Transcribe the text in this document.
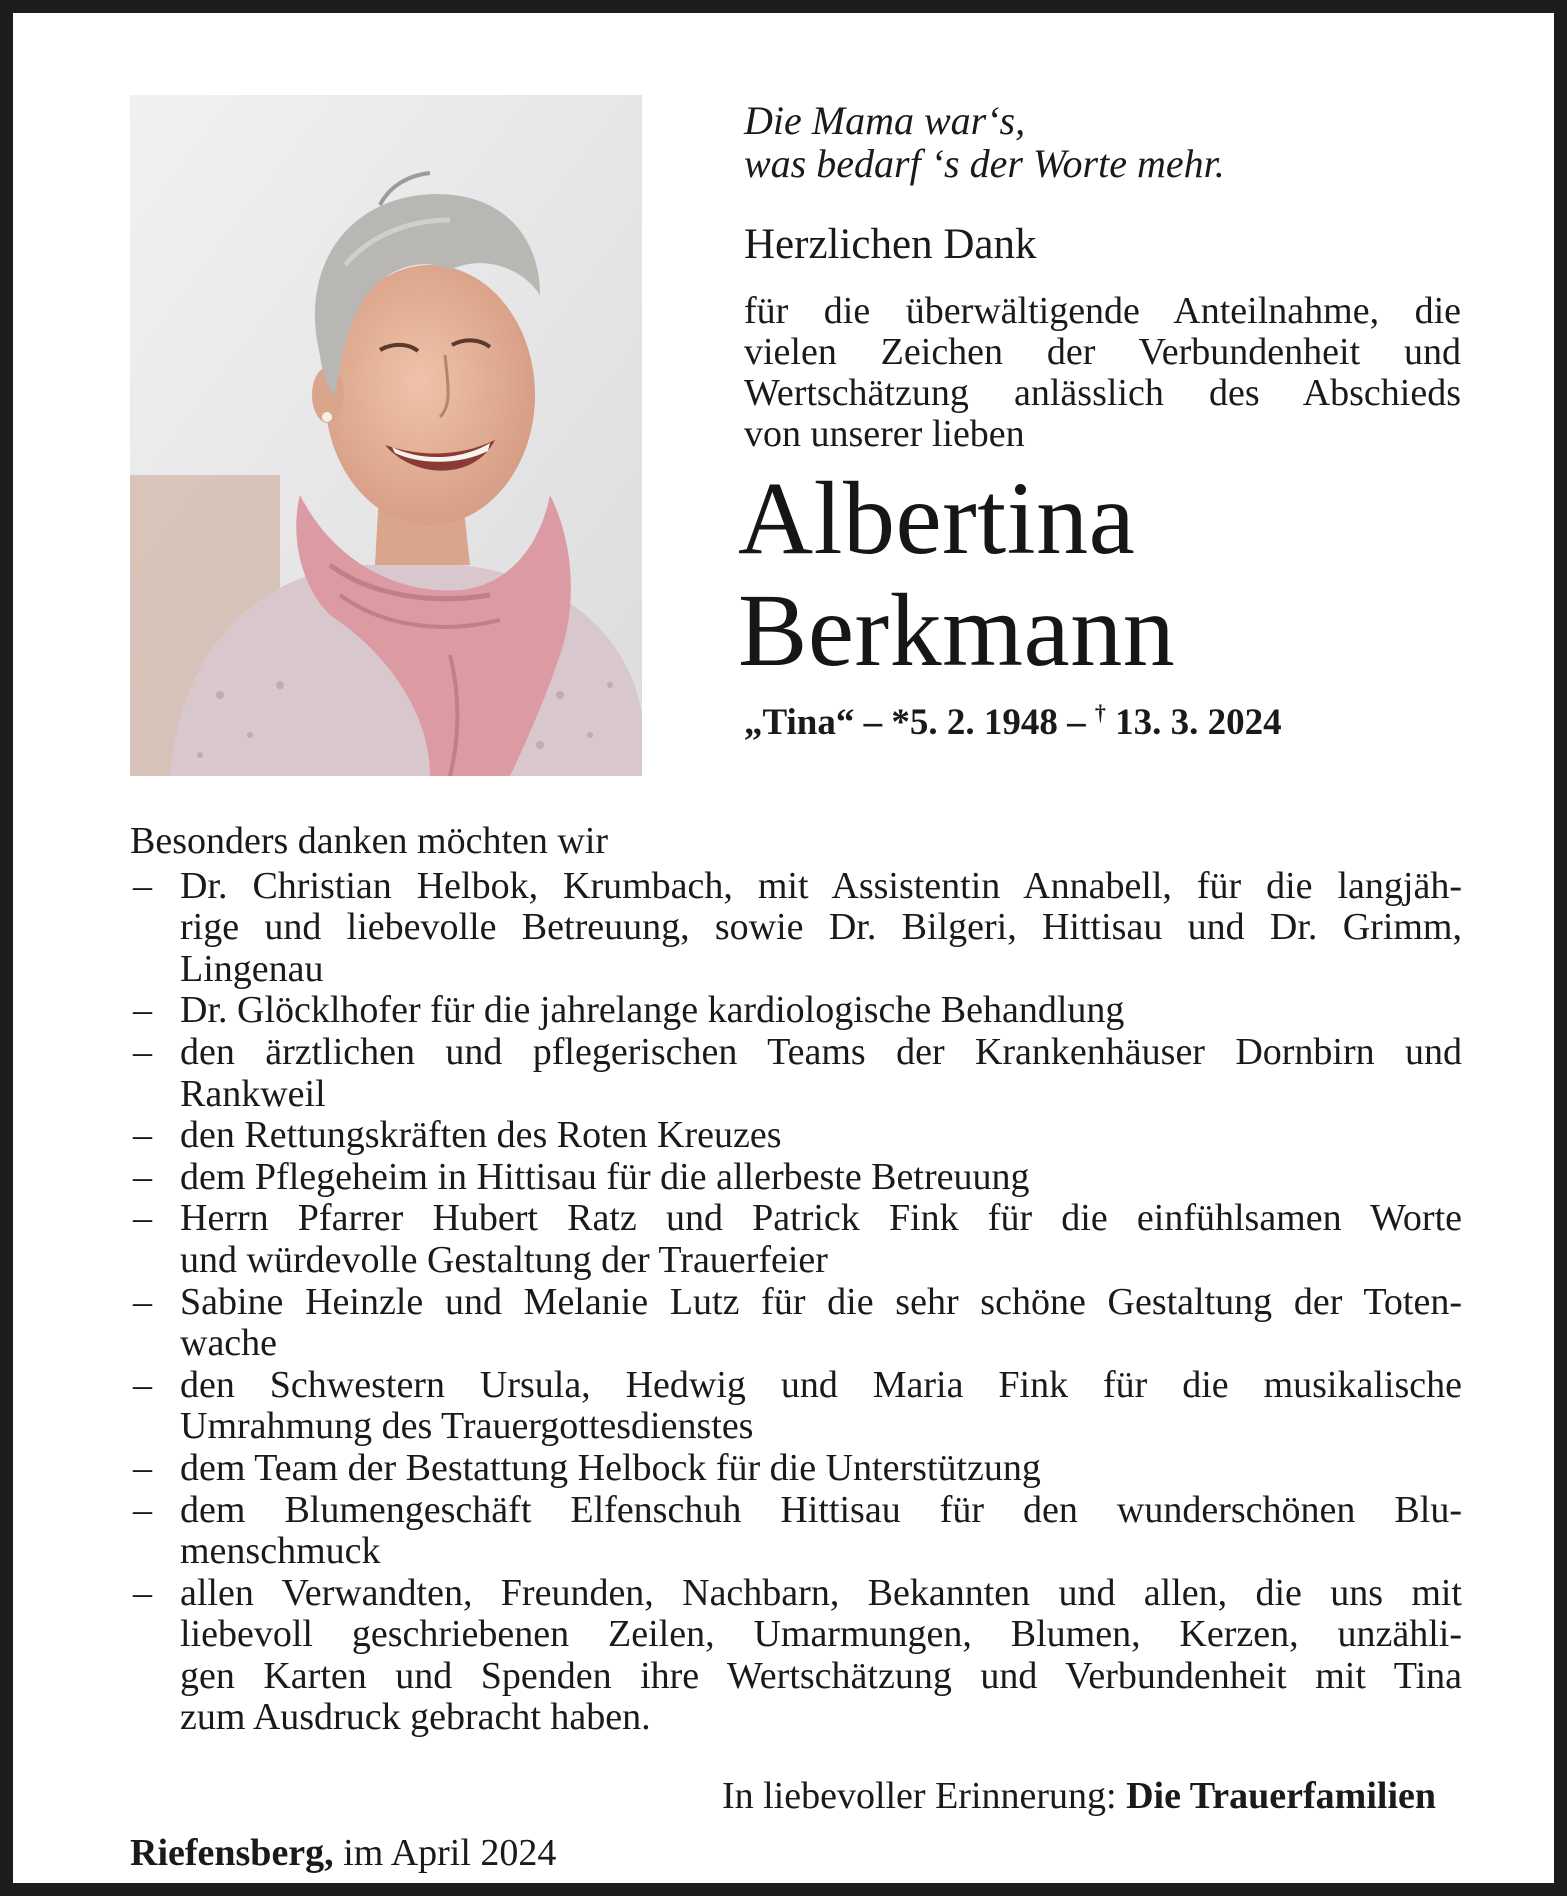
Die Mama war‘s,
was bedarf ‘s der Worte mehr.
Herzlichen Dank
für die überwältigende Anteilnahme, die
vielen Zeichen der Verbundenheit und
Wertschätzung anlässlich des Abschieds
von unserer lieben
Albertina
Berkmann
„Tina“ – *5. 2. 1948 – † 13. 3. 2024
Besonders danken möchten wir
– Dr. Christian Helbok, Krumbach, mit Assistentin Annabell, für die langjäh-
rige und liebevolle Betreuung, sowie Dr. Bilgeri, Hittisau und Dr. Grimm,
Lingenau
– Dr. Glöcklhofer für die jahrelange kardiologische Behandlung
– den ärztlichen und pflegerischen Teams der Krankenhäuser Dornbirn und
Rankweil
– den Rettungskräften des Roten Kreuzes
– dem Pflegeheim in Hittisau für die allerbeste Betreuung
– Herrn Pfarrer Hubert Ratz und Patrick Fink für die einfühlsamen Worte
und würdevolle Gestaltung der Trauerfeier
– Sabine Heinzle und Melanie Lutz für die sehr schöne Gestaltung der Toten-
wache
– den Schwestern Ursula, Hedwig und Maria Fink für die musikalische
Umrahmung des Trauergottesdienstes
– dem Team der Bestattung Helbock für die Unterstützung
– dem Blumengeschäft Elfenschuh Hittisau für den wunderschönen Blu-
menschmuck
– allen Verwandten, Freunden, Nachbarn, Bekannten und allen, die uns mit
liebevoll geschriebenen Zeilen, Umarmungen, Blumen, Kerzen, unzähli-
gen Karten und Spenden ihre Wertschätzung und Verbundenheit mit Tina
zum Ausdruck gebracht haben.
In liebevoller Erinnerung: Die Trauerfamilien
Riefensberg, im April 2024
